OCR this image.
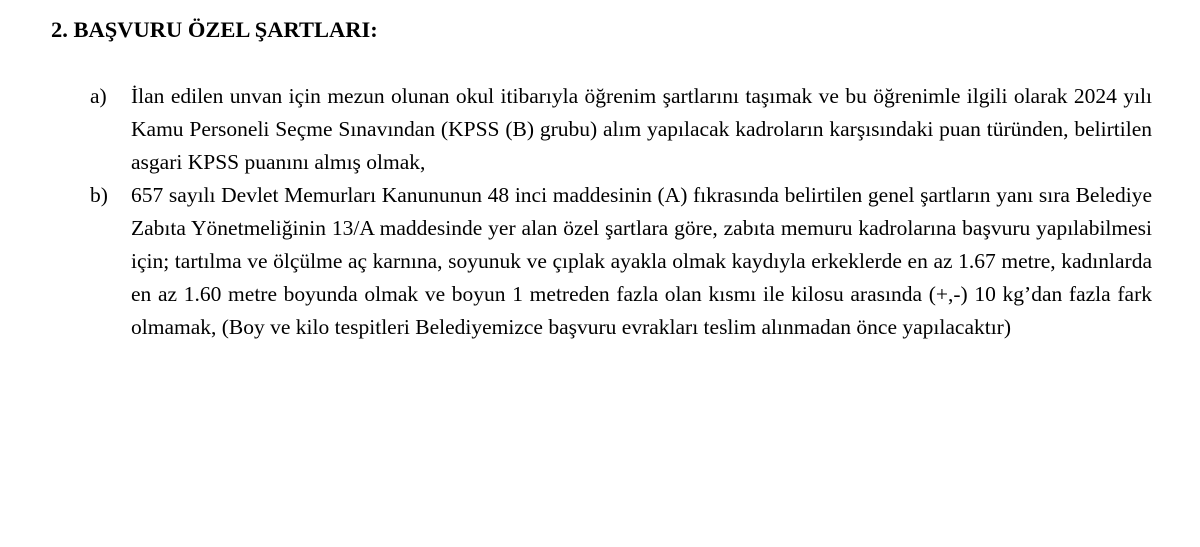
2. BAŞVURU ÖZEL ŞARTLARI:
a) İlan edilen unvan için mezun olunan okul itibarıyla öğrenim şartlarını taşımak ve bu öğrenimle ilgili olarak 2024 yılı Kamu Personeli Seçme Sınavından (KPSS (B) grubu) alım yapılacak kadroların karşısındaki puan türünden, belirtilen asgari KPSS puanını almış olmak,
b) 657 sayılı Devlet Memurları Kanununun 48 inci maddesinin (A) fıkrasında belirtilen genel şartların yanı sıra Belediye Zabıta Yönetmeliğinin 13/A maddesinde yer alan özel şartlara göre, zabıta memuru kadrolarına başvuru yapılabilmesi için; tartılma ve ölçülme aç karnına, soyunuk ve çıplak ayakla olmak kaydıyla erkeklerde en az 1.67 metre, kadınlarda en az 1.60 metre boyunda olmak ve boyun 1 metreden fazla olan kısmı ile kilosu arasında (+,-) 10 kg’dan fazla fark olmamak, (Boy ve kilo tespitleri Belediyemizce başvuru evrakları teslim alınmadan önce yapılacaktır)
